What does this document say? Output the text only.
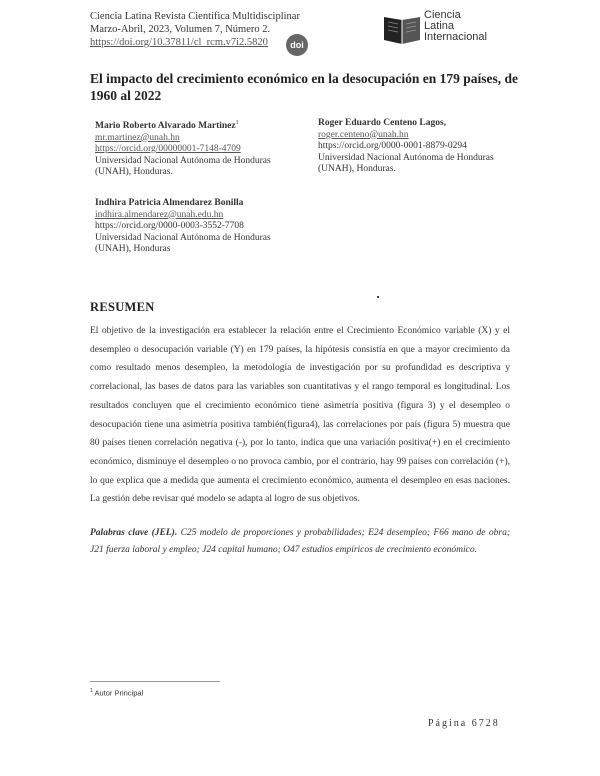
Ciencia Latina Revista Científica Multidisciplinar
Marzo-Abril, 2023, Volumen 7, Número 2.
https://doi.org/10.37811/cl_rcm.v7i2.5820	doi
Ciencia
Latina
Internacional
El impacto del crecimiento económico en la desocupación en 179 países, de 1960 al 2022
Mario Roberto Alvarado Martinez$^1$
mr.martinez@unah.hn
https://orcid.org/00000001-7148-4709
Universidad Nacional Autónoma de Honduras
(UNAH), Honduras.
Roger Eduardo Centeno Lagos,
roger.centeno@unah.hn
https://orcid.org/0000-0001-8879-0294
Universidad Nacional Autónoma de Honduras
(UNAH), Honduras.
Indhira Patricia Almendarez Bonilla
indhira.almendarez@unah.edu.hn
https://orcid.org/0000-0003-3552-7708
Universidad Nacional Autónoma de Honduras
(UNAH), Honduras
RESUMEN
El objetivo de la investigación era establecer la relación entre el Crecimiento Económico variable (X) y el desempleo o desocupación variable (Y) en 179 países, la hipótesis consistía en que a mayor crecimiento da como resultado menos desempleo, la metodología de investigación por su profundidad es descriptiva y correlacional, las bases de datos para las variables son cuantitativas y el rango temporal es longitudinal. Los resultados concluyen que el crecimiento económico tiene asimetría positiva (figura 3) y el desempleo o desocupación tiene una asimetría positiva también(figura4), las correlaciones por país (figura 5) muestra que 80 países tienen correlación negativa (-), por lo tanto, indica que una variación positiva(+) en el crecimiento económico, disminuye el desempleo o no provoca cambio, por el contrario, hay 99 países con correlación (+), lo que explica que a medida que aumenta el crecimiento económico, aumenta el desempleo en esas naciones. La gestión debe revisar qué modelo se adapta al logro de sus objetivos.
Palabras clave (JEL). C25 modelo de proporciones y probabilidades; E24 desempleo; F66 mano de obra; J21 fuerza laboral y empleo; J24 capital humano; O47 estudios empíricos de crecimiento económico.
$^1$ Autor Principal
Página 6728
